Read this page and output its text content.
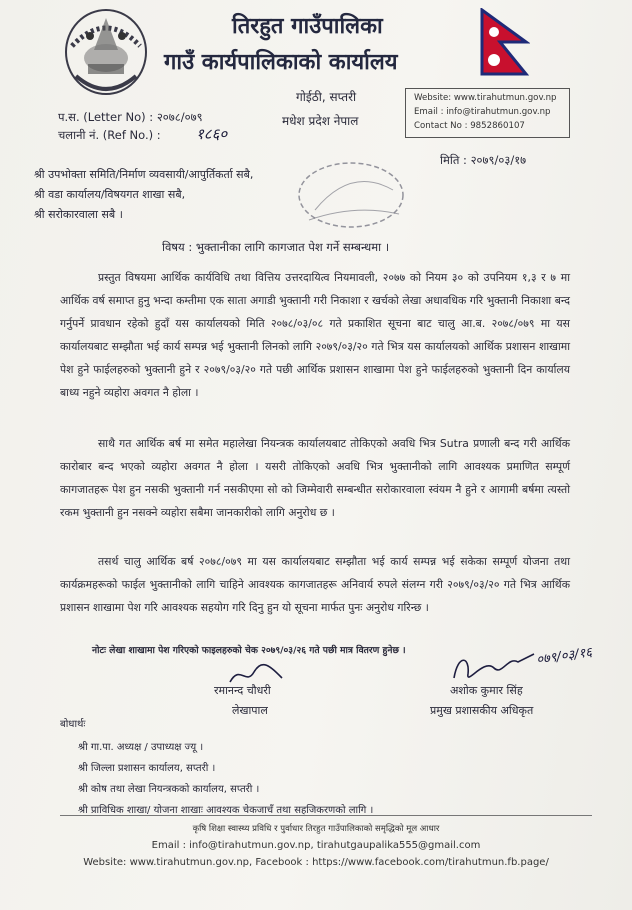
तिरहुत गाउँपालिका
गाउँ कार्यपालिकाको कार्यालय
गोईठी, सप्तरी
मधेश प्रदेश नेपाल
Website: www.tirahutmun.gov.np
Email : info@tirahutmun.gov.np
Contact No : 9852860107
प.स. (Letter No) : २०७८/०७९
चलानी नं. (Ref No.) : १८६०
मिति : २०७९/०३/१७
श्री उपभोक्ता समिति/निर्माण व्यवसायी/आपुर्तिकर्ता सबै,
श्री वडा कार्यालय/विषयगत शाखा सबै,
श्री सरोकारवाला सबै ।
विषय : भुक्तानीका लागि कागजात पेश गर्ने सम्बन्धमा ।

प्रस्तुत विषयमा आर्थिक कार्यविधि तथा वित्तिय उत्तरदायित्व नियमावली, २०७७ को नियम ३० को उपनियम १,३ र ७ मा आर्थिक वर्ष समाप्त हुनु भन्दा कम्तीमा एक साता अगाडी भुक्तानी गरी निकाशा र खर्चको लेखा अधावधिक गरि भुक्तानी निकाशा बन्द गर्नुपर्ने प्रावधान रहेको हुदाँ यस कार्यालयको मिति २०७८/०३/०८ गते प्रकाशित सूचना बाट चालु आ.ब. २०७८/०७९ मा यस कार्यालयबाट सम्झौता भई कार्य सम्पन्न भई भुक्तानी लिनको लागि २०७९/०३/२० गते भित्र यस कार्यालयको आर्थिक प्रशासन शाखामा पेश हुने फाईलहरुको भुक्तानी हुने र २०७९/०३/२० गते पछी आर्थिक प्रशासन शाखामा पेश हुने फाईलहरुको भुक्तानी दिन कार्यालय बाध्य नहुने व्यहोरा अवगत नै होला ।

साथै गत आर्थिक बर्ष मा समेत महालेखा नियन्त्रक कार्यालयबाट तोकिएको अवधि भित्र Sutra प्रणाली बन्द गरी आर्थिक कारोबार बन्द भएको व्यहोरा अवगत नै होला । यसरी तोकिएको अवधि भित्र भुक्तानीको लागि आवश्यक प्रमाणित सम्पूर्ण कागजातहरू पेश हुन नसकी भुक्तानी गर्न नसकीएमा सो को जिम्मेवारी सम्बन्धीत सरोकारवाला स्वंयम नै हुने र आगामी बर्षमा त्यस्तो रकम भुक्तानी हुन नसक्ने व्यहोरा सबैमा जानकारीको लागि अनुरोध छ ।

तसर्थ चालु आर्थिक बर्ष २०७८/०७९ मा यस कार्यालयबाट सम्झौता भई कार्य सम्पन्न भई सकेका सम्पूर्ण योजना तथा कार्यक्रमहरूको फाईल भुक्तानीको लागि चाहिने आवश्यक कागजातहरू अनिवार्य रुपले संलग्न गरी २०७९/०३/२० गते भित्र आर्थिक प्रशासन शाखामा पेश गरि आवश्यक सहयोग गरि दिनु हुन यो सूचना मार्फत पुनः अनुरोध गरिन्छ ।

नोटः लेखा शाखामा पेश गरिएको फाइलहरुको चेक २०७९/०३/२६ गते पछी मात्र वितरण हुनेछ ।
रमानन्द चौधरी
लेखापाल
०७९/०३/१६
अशोक कुमार सिंह
प्रमुख प्रशासकीय अधिकृत
बोधार्थः
श्री गा.पा. अध्यक्ष / उपाध्यक्ष ज्यू ।
श्री जिल्ला प्रशासन कार्यालय, सप्तरी ।
श्री कोष तथा लेखा नियन्त्रकको कार्यालय, सप्तरी ।
श्री प्राविधिक शाखा/ योजना शाखाः आवश्यक चेकजाचँ तथा सहजिकरणको लागि ।
कृषि शिक्षा स्वास्थ्य प्रविधि र पुर्वाधार तिरहुत गाउँपालिकाको समृद्धिको मूल आधार
Email : info@tirahutmun.gov.np, tirahutgaupalika555@gmail.com
Website: www.tirahutmun.gov.np, Facebook : https://www.facebook.com/tirahutmun.fb.page/
